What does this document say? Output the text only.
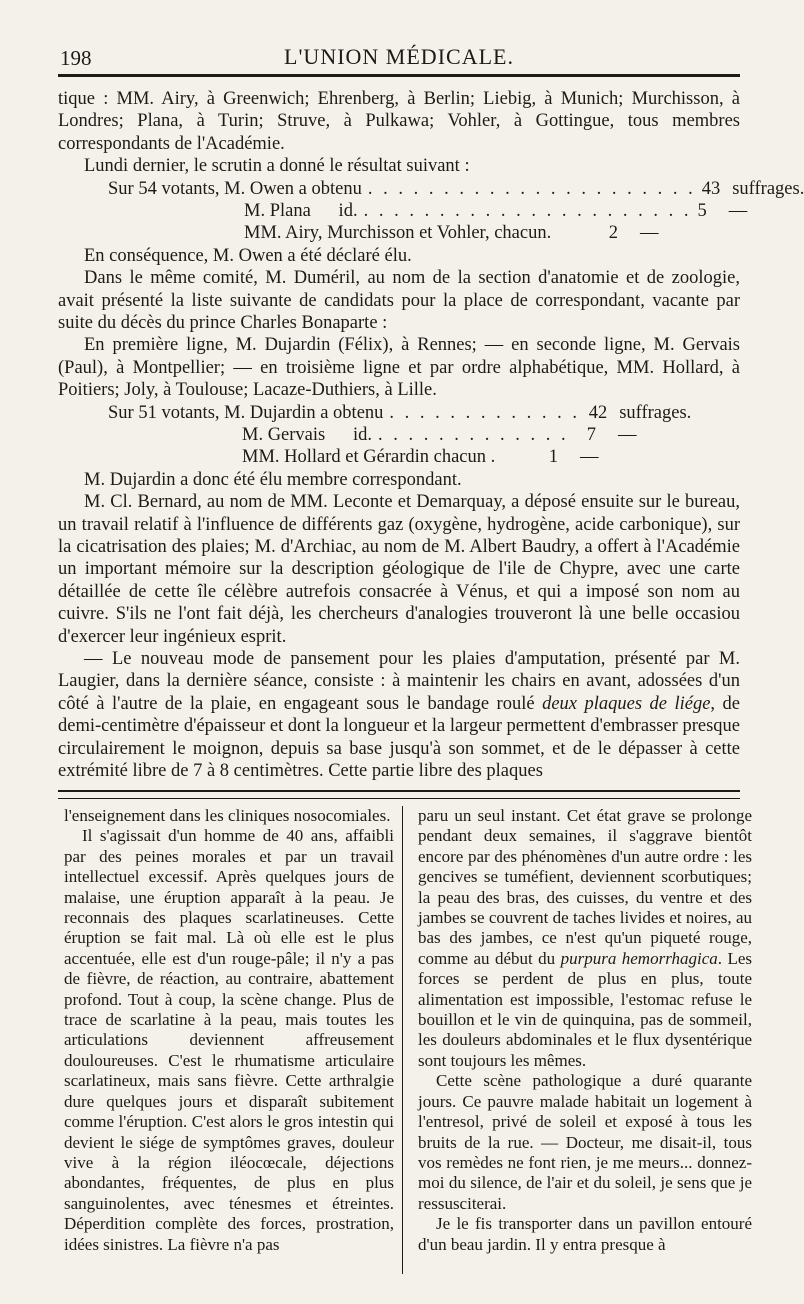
198	L'UNION MÉDICALE.

tique : MM. Airy, à Greenwich; Ehrenberg, à Berlin; Liebig, à Munich; Murchisson, à Londres; Plana, à Turin; Struve, à Pulkawa; Vohler, à Gottingue, tous membres correspondants de l'Académie.

Lundi dernier, le scrutin a donné le résultat suivant :

Sur 54 votants, M. Owen a obtenu . . . . . . . . . . . . . . . . . . . . . . 43 suffrages.
M. Plana      id. . . . . . . . . . . . . . . . . . . . . . . 5	—
MM. Airy, Murchisson et Vohler, chacun.	2	—

En conséquence, M. Owen a été déclaré élu.

Dans le même comité, M. Duméril, au nom de la section d'anatomie et de zoologie, avait présenté la liste suivante de candidats pour la place de correspondant, vacante par suite du décès du prince Charles Bonaparte :

En première ligne, M. Dujardin (Félix), à Rennes; — en seconde ligne, M. Gervais (Paul), à Montpellier; — en troisième ligne et par ordre alphabétique, MM. Hollard, à Poitiers; Joly, à Toulouse; Lacaze-Duthiers, à Lille.

Sur 51 votants, M. Dujardin a obtenu . . . . . . . . . . . . . 42 suffrages.
M. Gervais      id. . . . . . . . . . . . . . 7	—
MM. Hollard et Gérardin chacun .	1	—

M. Dujardin a donc été élu membre correspondant.

M. Cl. Bernard, au nom de MM. Leconte et Demarquay, a déposé ensuite sur le bureau, un travail relatif à l'influence de différents gaz (oxygène, hydrogène, acide carbonique), sur la cicatrisation des plaies; M. d'Archiac, au nom de M. Albert Baudry, a offert à l'Académie un important mémoire sur la description géologique de l'ile de Chypre, avec une carte détaillée de cette île célèbre autrefois consacrée à Vénus, et qui a imposé son nom au cuivre. S'ils ne l'ont fait déjà, les chercheurs d'analogies trouveront là une belle occasiou d'exercer leur ingénieux esprit.

— Le nouveau mode de pansement pour les plaies d'amputation, présenté par M. Laugier, dans la dernière séance, consiste : à maintenir les chairs en avant, adossées d'un côté à l'autre de la plaie, en engageant sous le bandage roulé deux plaques de liége, de demi-centimètre d'épaisseur et dont la longueur et la largeur permettent d'embrasser presque circulairement le moignon, depuis sa base jusqu'à son sommet, et de le dépasser à cette extrémité libre de 7 à 8 centimètres. Cette partie libre des plaques

l'enseignement dans les cliniques nosocomiales.

Il s'agissait d'un homme de 40 ans, affaibli par des peines morales et par un travail intellectuel excessif. Après quelques jours de malaise, une éruption apparaît à la peau. Je reconnais des plaques scarlatineuses. Cette éruption se fait mal. Là où elle est le plus accentuée, elle est d'un rouge-pâle; il n'y a pas de fièvre, de réaction, au contraire, abattement profond. Tout à coup, la scène change. Plus de trace de scarlatine à la peau, mais toutes les articulations deviennent affreusement douloureuses. C'est le rhumatisme articulaire scarlatineux, mais sans fièvre. Cette arthralgie dure quelques jours et disparaît subitement comme l'éruption. C'est alors le gros intestin qui devient le siége de symptômes graves, douleur vive à la région iléocœcale, déjections abondantes, fréquentes, de plus en plus sanguinolentes, avec ténesmes et étreintes. Déperdition complète des forces, prostration, idées sinistres. La fièvre n'a pas

paru un seul instant. Cet état grave se prolonge pendant deux semaines, il s'aggrave bientôt encore par des phénomènes d'un autre ordre : les gencives se tuméfient, deviennent scorbutiques; la peau des bras, des cuisses, du ventre et des jambes se couvrent de taches livides et noires, au bas des jambes, ce n'est qu'un piqueté rouge, comme au début du purpura hemorrhagica. Les forces se perdent de plus en plus, toute alimentation est impossible, l'estomac refuse le bouillon et le vin de quinquina, pas de sommeil, les douleurs abdominales et le flux dysentérique sont toujours les mêmes.

Cette scène pathologique a duré quarante jours. Ce pauvre malade habitait un logement à l'entresol, privé de soleil et exposé à tous les bruits de la rue. — Docteur, me disait-il, tous vos remèdes ne font rien, je me meurs... donnez-moi du silence, de l'air et du soleil, je sens que je ressusciterai.

Je le fis transporter dans un pavillon entouré d'un beau jardin. Il y entra presque à
